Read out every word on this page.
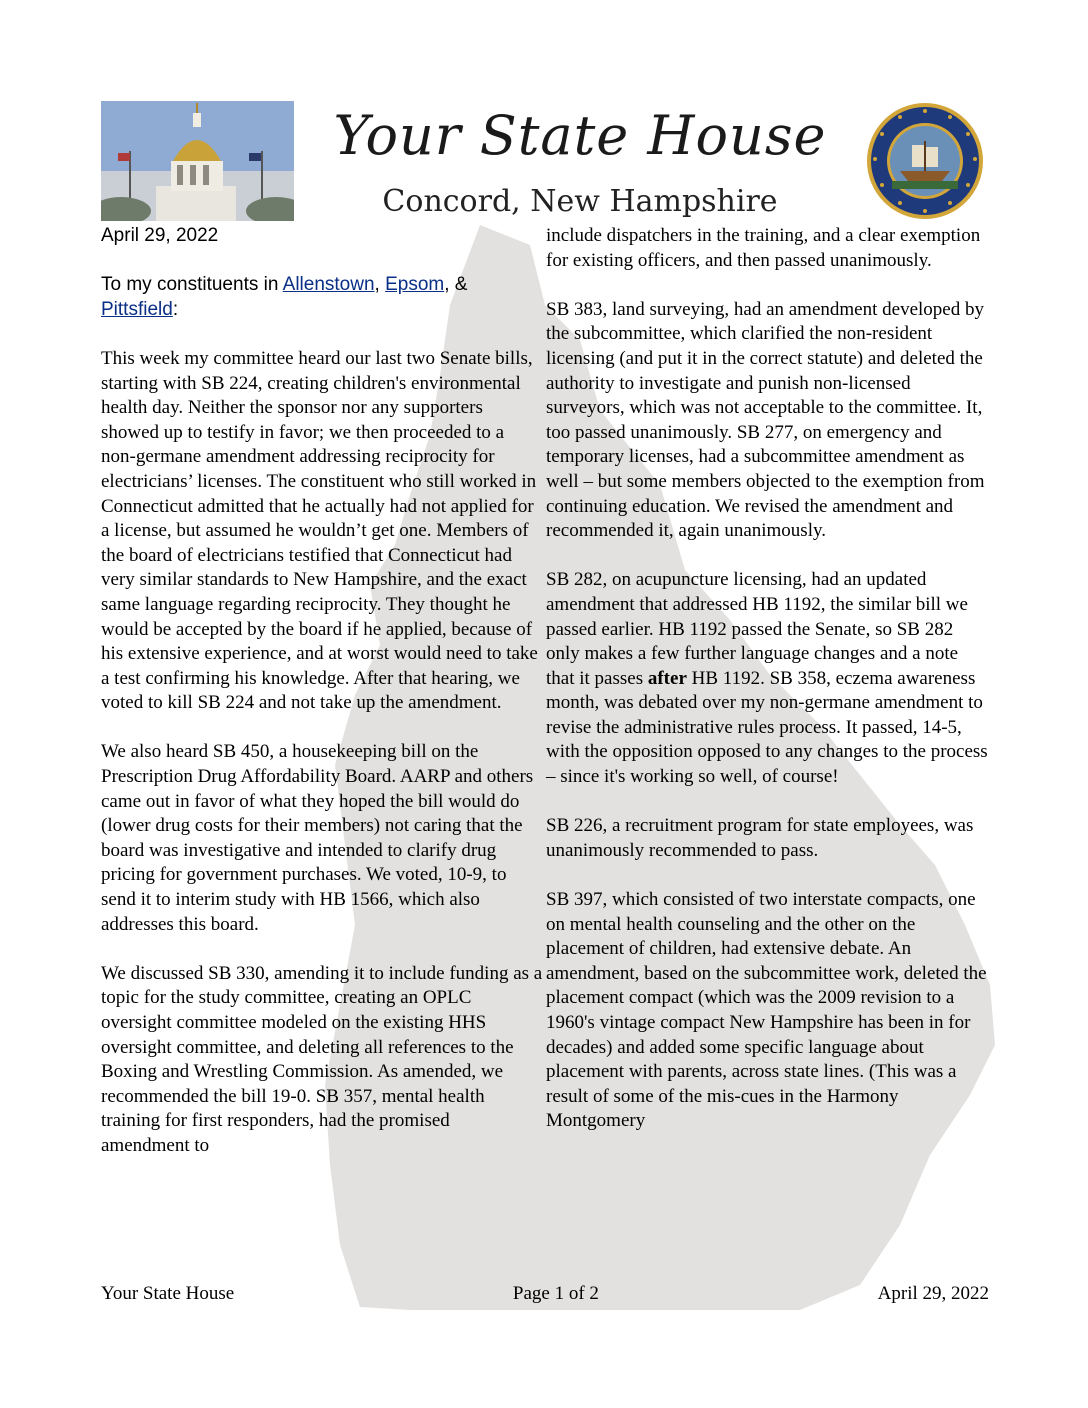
Your State House
Concord, New Hampshire

April 29, 2022

To my constituents in Allenstown, Epsom, & Pittsfield:

This week my committee heard our last two Senate bills, starting with SB 224, creating children's environmental health day. Neither the sponsor nor any supporters showed up to testify in favor; we then proceeded to a non-germane amendment addressing reciprocity for electricians’ licenses. The constituent who still worked in Connecticut admitted that he actually had not applied for a license, but assumed he wouldn’t get one. Members of the board of electricians testified that Connecticut had very similar standards to New Hampshire, and the exact same language regarding reciprocity. They thought he would be accepted by the board if he applied, because of his extensive experience, and at worst would need to take a test confirming his knowledge. After that hearing, we voted to kill SB 224 and not take up the amendment.

We also heard SB 450, a housekeeping bill on the Prescription Drug Affordability Board. AARP and others came out in favor of what they hoped the bill would do (lower drug costs for their members) not caring that the board was investigative and intended to clarify drug pricing for government purchases. We voted, 10-9, to send it to interim study with HB 1566, which also addresses this board.

We discussed SB 330, amending it to include funding as a topic for the study committee, creating an OPLC oversight committee modeled on the existing HHS oversight committee, and deleting all references to the Boxing and Wrestling Commission. As amended, we recommended the bill 19-0. SB 357, mental health training for first responders, had the promised amendment to

include dispatchers in the training, and a clear exemption for existing officers, and then passed unanimously.

SB 383, land surveying, had an amendment developed by the subcommittee, which clarified the non-resident licensing (and put it in the correct statute) and deleted the authority to investigate and punish non-licensed surveyors, which was not acceptable to the committee. It, too passed unanimously. SB 277, on emergency and temporary licenses, had a subcommittee amendment as well – but some members objected to the exemption from continuing education. We revised the amendment and recommended it, again unanimously.

SB 282, on acupuncture licensing, had an updated amendment that addressed HB 1192, the similar bill we passed earlier. HB 1192 passed the Senate, so SB 282 only makes a few further language changes and a note that it passes after HB 1192. SB 358, eczema awareness month, was debated over my non-germane amendment to revise the administrative rules process. It passed, 14-5, with the opposition opposed to any changes to the process – since it's working so well, of course!

SB 226, a recruitment program for state employees, was unanimously recommended to pass.

SB 397, which consisted of two interstate compacts, one on mental health counseling and the other on the placement of children, had extensive debate. An amendment, based on the subcommittee work, deleted the placement compact (which was the 2009 revision to a 1960's vintage compact New Hampshire has been in for decades) and added some specific language about placement with parents, across state lines. (This was a result of some of the mis-cues in the Harmony Montgomery

Your State House	Page 1 of 2	April 29, 2022
